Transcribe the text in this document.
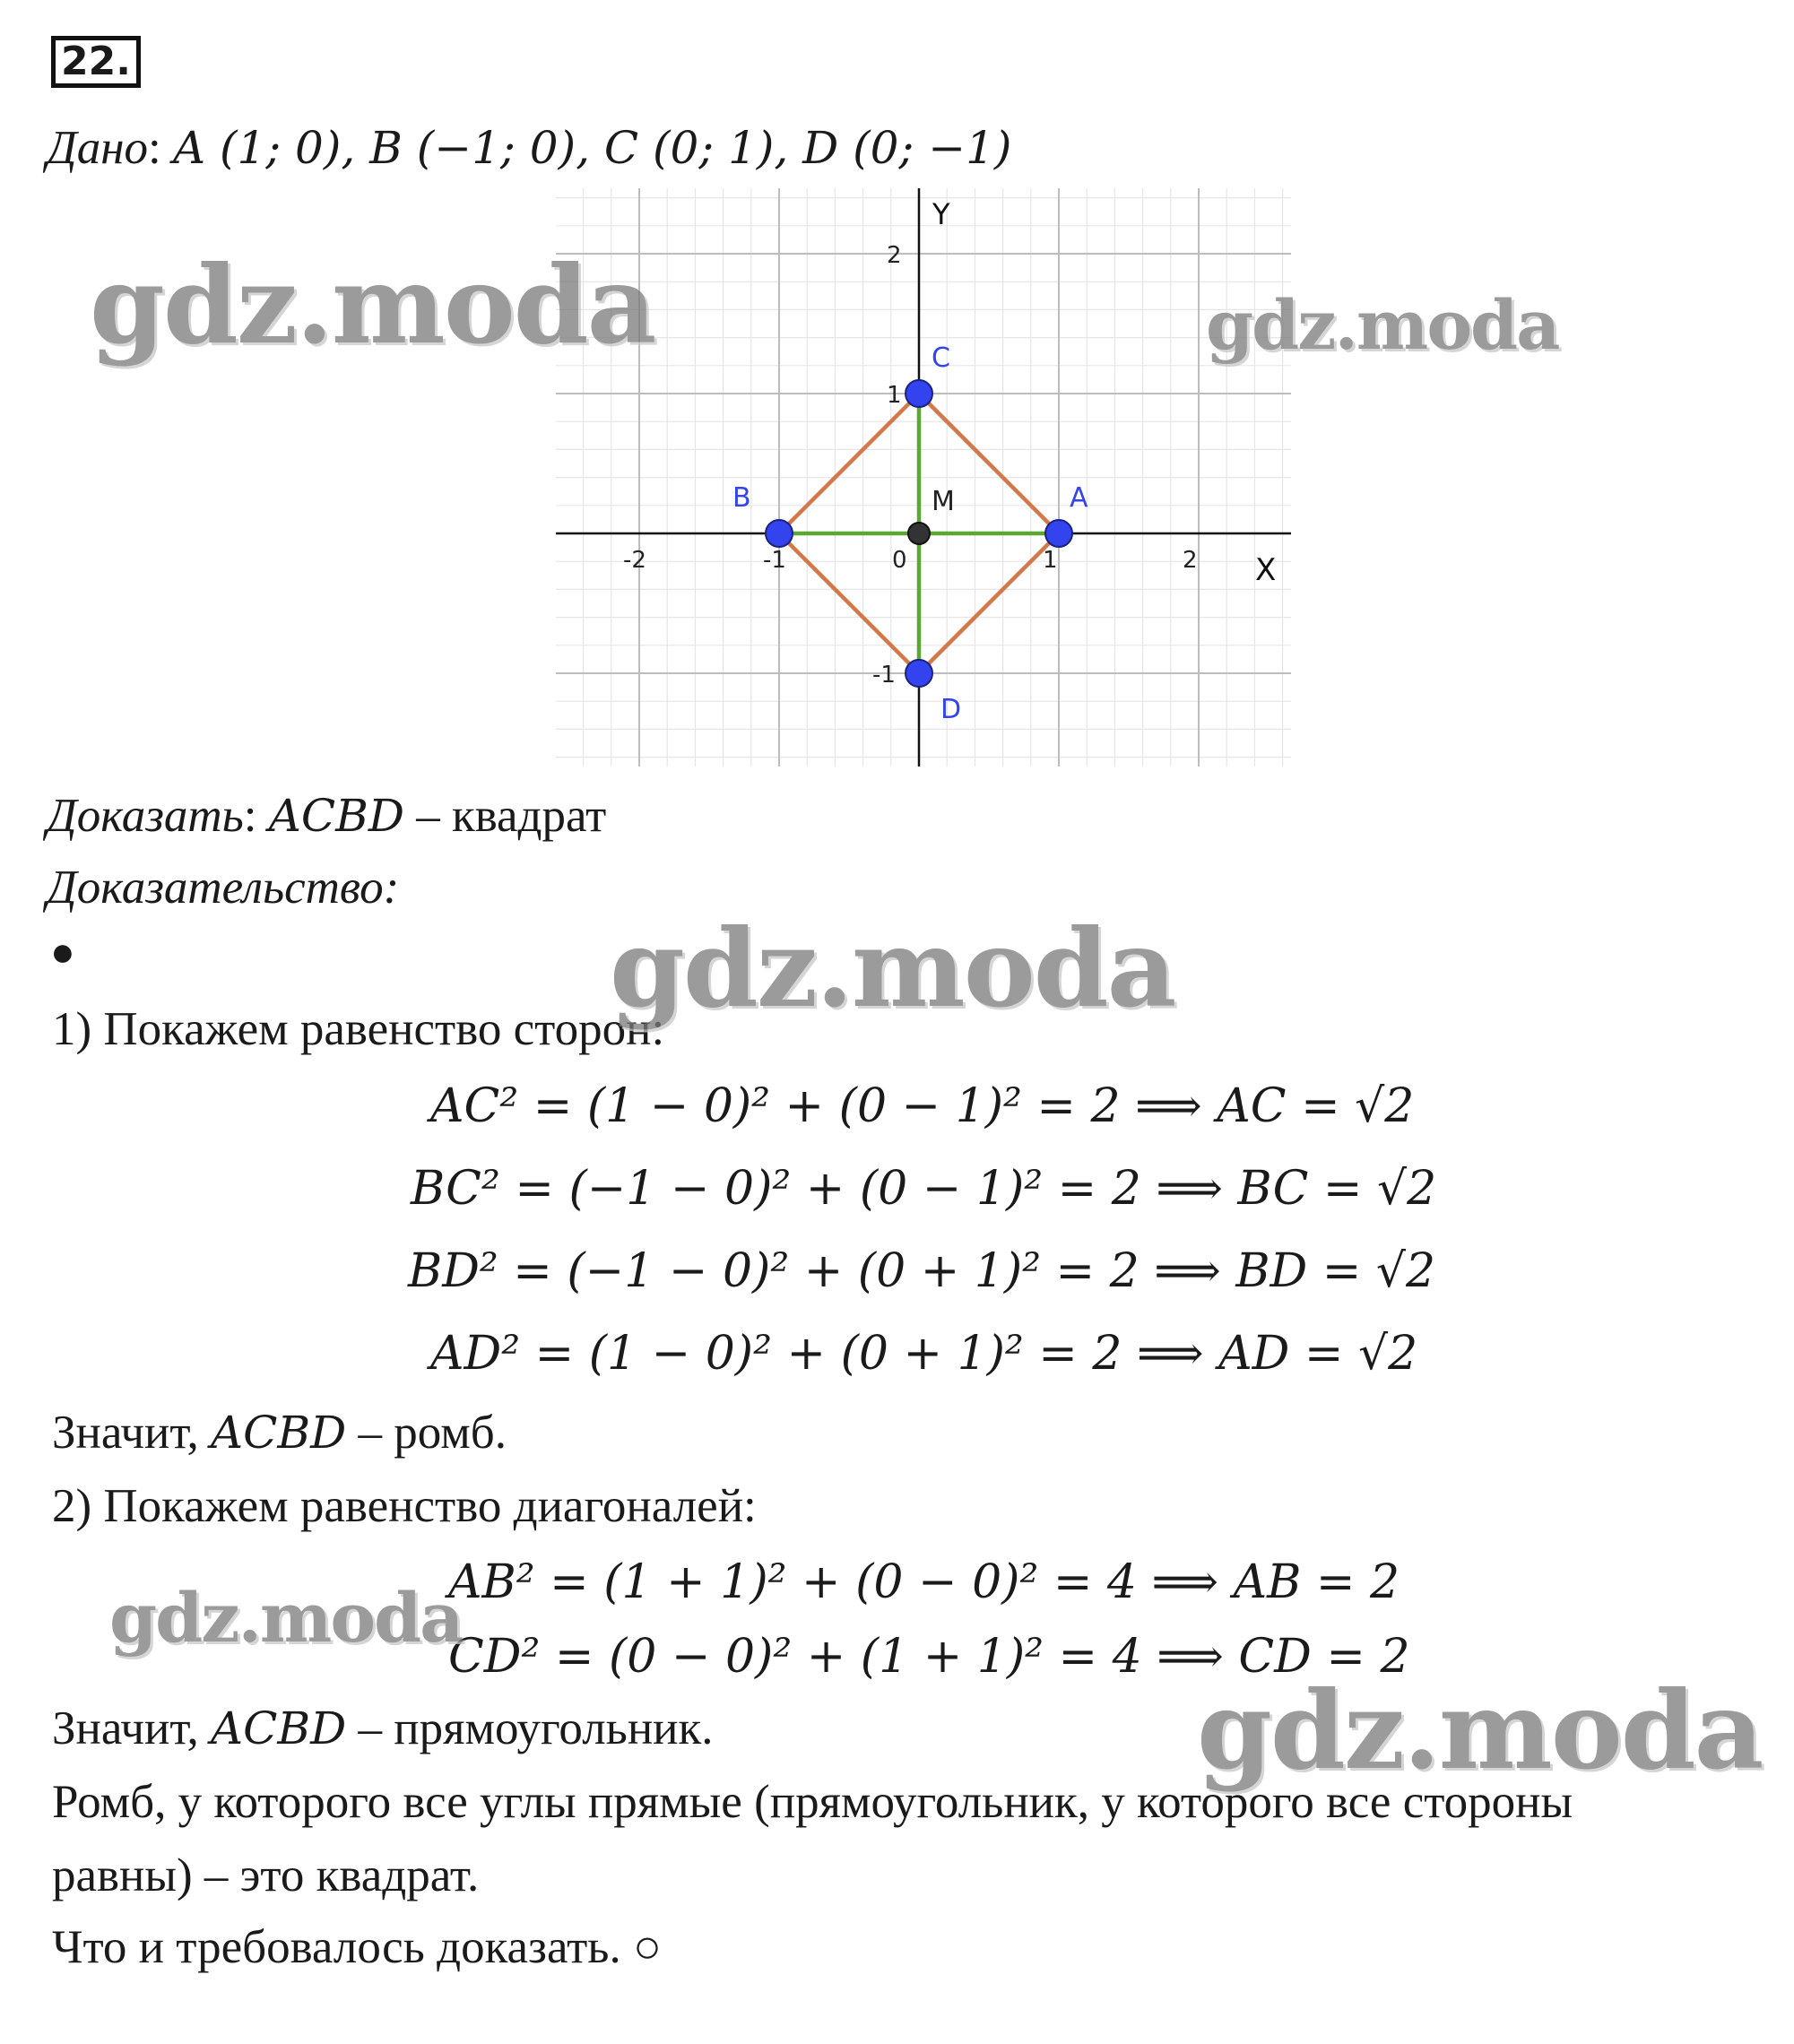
22.
Дано: A (1; 0), B (−1; 0), C (0; 1), D (0; −1)
X
Y
-2	-1	0	1	2
2
1
-1
A
B
C
D
M
Доказать: ACBD – квадрат
Доказательство:
●
1) Покажем равенство сторон:
AC² = (1 − 0)² + (0 − 1)² = 2 ⟹ AC = √2
BC² = (−1 − 0)² + (0 − 1)² = 2 ⟹ BC = √2
BD² = (−1 − 0)² + (0 + 1)² = 2 ⟹ BD = √2
AD² = (1 − 0)² + (0 + 1)² = 2 ⟹ AD = √2
Значит, ACBD – ромб.
2) Покажем равенство диагоналей:
AB² = (1 + 1)² + (0 − 0)² = 4 ⟹ AB = 2
CD² = (0 − 0)² + (1 + 1)² = 4 ⟹ CD = 2
Значит, ACBD – прямоугольник.
Ромб, у которого все углы прямые (прямоугольник, у которого все стороны
равны) – это квадрат.
Что и требовалось доказать. ○
gdz.moda	gdz.moda
gdz.moda
gdz.moda
gdz.moda
